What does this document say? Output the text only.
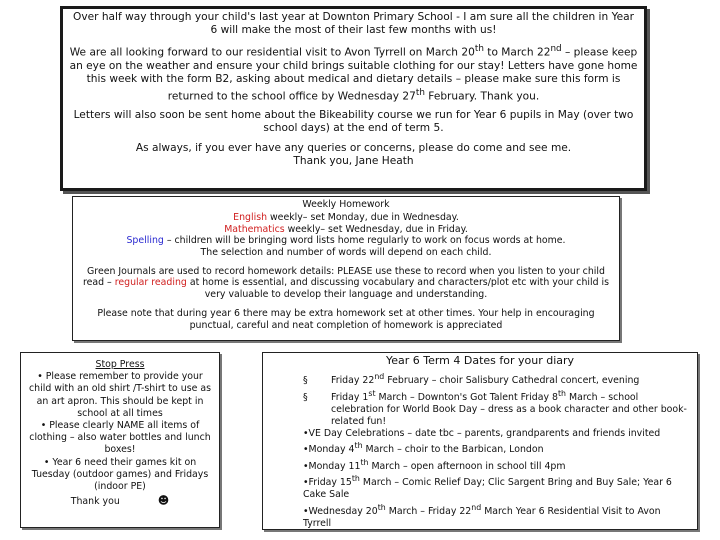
Over half way through your child's last year at Downton Primary School - I am sure all the children in Year 6 will make the most of their last few months with us!

We are all looking forward to our residential visit to Avon Tyrrell on March 20th to March 22nd – please keep an eye on the weather and ensure your child brings suitable clothing for our stay! Letters have gone home this week with the form B2, asking about medical and dietary details – please make sure this form is returned to the school office by Wednesday 27th February. Thank you.

Letters will also soon be sent home about the Bikeability course we run for Year 6 pupils in May (over two school days) at the end of term 5.

As always, if you ever have any queries or concerns, please do come and see me.

Thank you, Jane Heath

Weekly Homework

English weekly– set Monday, due in Wednesday.

Mathematics weekly– set Wednesday, due in Friday.

Spelling – children will be bringing word lists home regularly to work on focus words at home.

The selection and number of words will depend on each child.

Green Journals are used to record homework details: PLEASE use these to record when you listen to your child read – regular reading at home is essential, and discussing vocabulary and characters/plot etc with your child is very valuable to develop their language and understanding.

Please note that during year 6 there may be extra homework set at other times. Your help in encouraging punctual, careful and neat completion of homework is appreciated

Stop Press

• Please remember to provide your child with an old shirt /T-shirt to use as an art apron. This should be kept in school at all times

• Please clearly NAME all items of clothing – also water bottles and lunch boxes!

• Year 6 need their games kit on Tuesday (outdoor games) and Fridays (indoor PE)

Thank you	☻

Year 6 Term 4 Dates for your diary

§ Friday 22nd February – choir Salisbury Cathedral concert, evening
§ Friday 1st March – Downton's Got Talent Friday 8th March – school
celebration for World Book Day – dress as a book character and other book-related fun!
•VE Day Celebrations – date tbc – parents, grandparents and friends invited
•Monday 4th March – choir to the Barbican, London
•Monday 11th March – open afternoon in school till 4pm
•Friday 15th March – Comic Relief Day; Clic Sargent Bring and Buy Sale; Year 6 Cake Sale
•Wednesday 20th March – Friday 22nd March Year 6 Residential Visit to Avon Tyrrell
